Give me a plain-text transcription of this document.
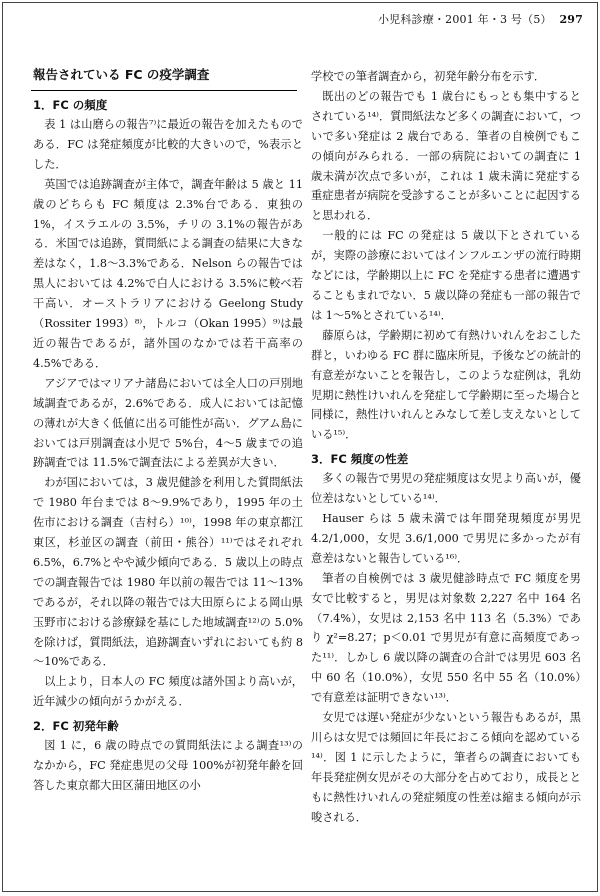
小児科診療・2001 年・3 号（5） 297
報告されている FC の疫学調査
1．FC の頻度

表 1 は山磨らの報告⁷⁾に最近の報告を加えたものである．FC は発症頻度が比較的大きいので，%表示とした．

英国では追跡調査が主体で，調査年齢は 5 歳と 11 歳のどちらも FC 頻度は 2.3%台である．東独の 1%，イスラエルの 3.5%，チリの 3.1%の報告がある．米国では追跡，質問紙による調査の結果に大きな差はなく，1.8～3.3%である．Nelson らの報告では黒人においては 4.2%で白人における 3.5%に較べ若干高い．オーストラリアにおける Geelong Study（Rossiter 1993）⁸⁾，トルコ（Okan 1995）⁹⁾は最近の報告であるが，諸外国のなかでは若干高率の 4.5%である．

アジアではマリアナ諸島においては全人口の戸別地域調査であるが，2.6%である．成人においては記憶の薄れが大きく低値に出る可能性が高い．グアム島においては戸別調査は小児で 5%台，4～5 歳までの追跡調査では 11.5%で調査法による差異が大きい．

わが国においては，3 歳児健診を利用した質問紙法で 1980 年台までは 8～9.9%であり，1995 年の土佐市における調査（吉村ら）¹⁰⁾，1998 年の東京都江東区，杉並区の調査（前田・熊谷）¹¹⁾ではそれぞれ 6.5%，6.7%とやや減少傾向である．5 歳以上の時点での調査報告では 1980 年以前の報告では 11～13%であるが，それ以降の報告では大田原らによる岡山県玉野市における診療録を基にした地域調査¹²⁾の 5.0%を除けば，質問紙法，追跡調査いずれにおいても約 8～10%である．

以上より，日本人の FC 頻度は諸外国より高いが，近年減少の傾向がうかがえる．

2．FC 初発年齢

図 1 に，6 歳の時点での質問紙法による調査¹³⁾のなかから，FC 発症患児の父母 100%が初発年齢を回答した東京都大田区蒲田地区の小

学校での筆者調査から，初発年齢分布を示す．

既出のどの報告でも 1 歳台にもっとも集中するとされている¹⁴⁾．質問紙法など多くの調査において，ついで多い発症は 2 歳台である．筆者の自検例でもこの傾向がみられる．一部の病院においての調査に 1 歳未満が次点で多いが，これは 1 歳未満に発症する重症患者が病院を受診することが多いことに起因すると思われる．

一般的には FC の発症は 5 歳以下とされているが，実際の診療においてはインフルエンザの流行時期などには，学齢期以上に FC を発症する患者に遭遇することもまれでない．5 歳以降の発症も一部の報告では 1～5%とされている¹⁴⁾．

藤原らは，学齢期に初めて有熱けいれんをおこした群と，いわゆる FC 群に臨床所見，予後などの統計的有意差がないことを報告し，このような症例は，乳幼児期に熱性けいれんを発症して学齢期に至った場合と同様に，熱性けいれんとみなして差し支えないとしている¹⁵⁾．

3．FC 頻度の性差

多くの報告で男児の発症頻度は女児より高いが，優位差はないとしている¹⁴⁾．

Hauser らは 5 歳未満では年間発現頻度が男児 4.2/1,000，女児 3.6/1,000 で男児に多かったが有意差はないと報告している¹⁶⁾．

筆者の自検例では 3 歳児健診時点で FC 頻度を男女で比較すると，男児は対象数 2,227 名中 164 名（7.4%），女児は 2,153 名中 113 名（5.3%）であり χ²=8.27；p＜0.01 で男児が有意に高頻度であった¹¹⁾．しかし 6 歳以降の調査の合計では男児 603 名中 60 名（10.0%），女児 550 名中 55 名（10.0%）で有意差は証明できない¹³⁾．

女児では遅い発症が少ないという報告もあるが，黒川らは女児では頻回に年長におこる傾向を認めている¹⁴⁾．図 1 に示したように，筆者らの調査においても年長発症例女児がその大部分を占めており，成長とともに熱性けいれんの発症頻度の性差は縮まる傾向が示唆される．
